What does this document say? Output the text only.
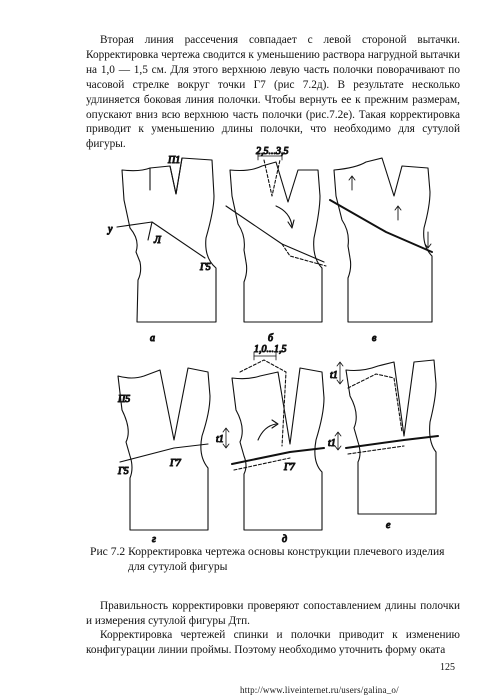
Вторая линия рассечения совпадает с левой стороной вытачки. Корректировка чертежа сводится к уменьшению раствора нагрудной вытачки на 1,0 — 1,5 см. Для этого верхнюю левую часть полочки поворачивают по часовой стрелке вокруг точки Г7 (рис 7.2д). В результате несколько удлиняется боковая линия полочки. Чтобы вернуть ее к прежним размерам, опускают вниз всю верхнюю часть полочки (рис.7.2е). Такая корректировка приводит к уменьшению длины полочки, что необходимо для сутулой фигуры.
П1
у
Л
Г5
а
2,5...3,5
б	в
П5
Г7
Г5
г
1,0...1,5
t1
Г7
д
t1
t1
е
Рис 7.2 Корректировка чертежа основы конструкции плечевого изделия
для сутулой фигуры
Правильность корректировки проверяют сопоставлением длины полочки и измерения сутулой фигуры Дтп.
Корректировка чертежей спинки и полочки приводит к изменению конфигурации линии проймы. Поэтому необходимо уточнить форму оката
125
http://www.liveinternet.ru/users/galina_o/
